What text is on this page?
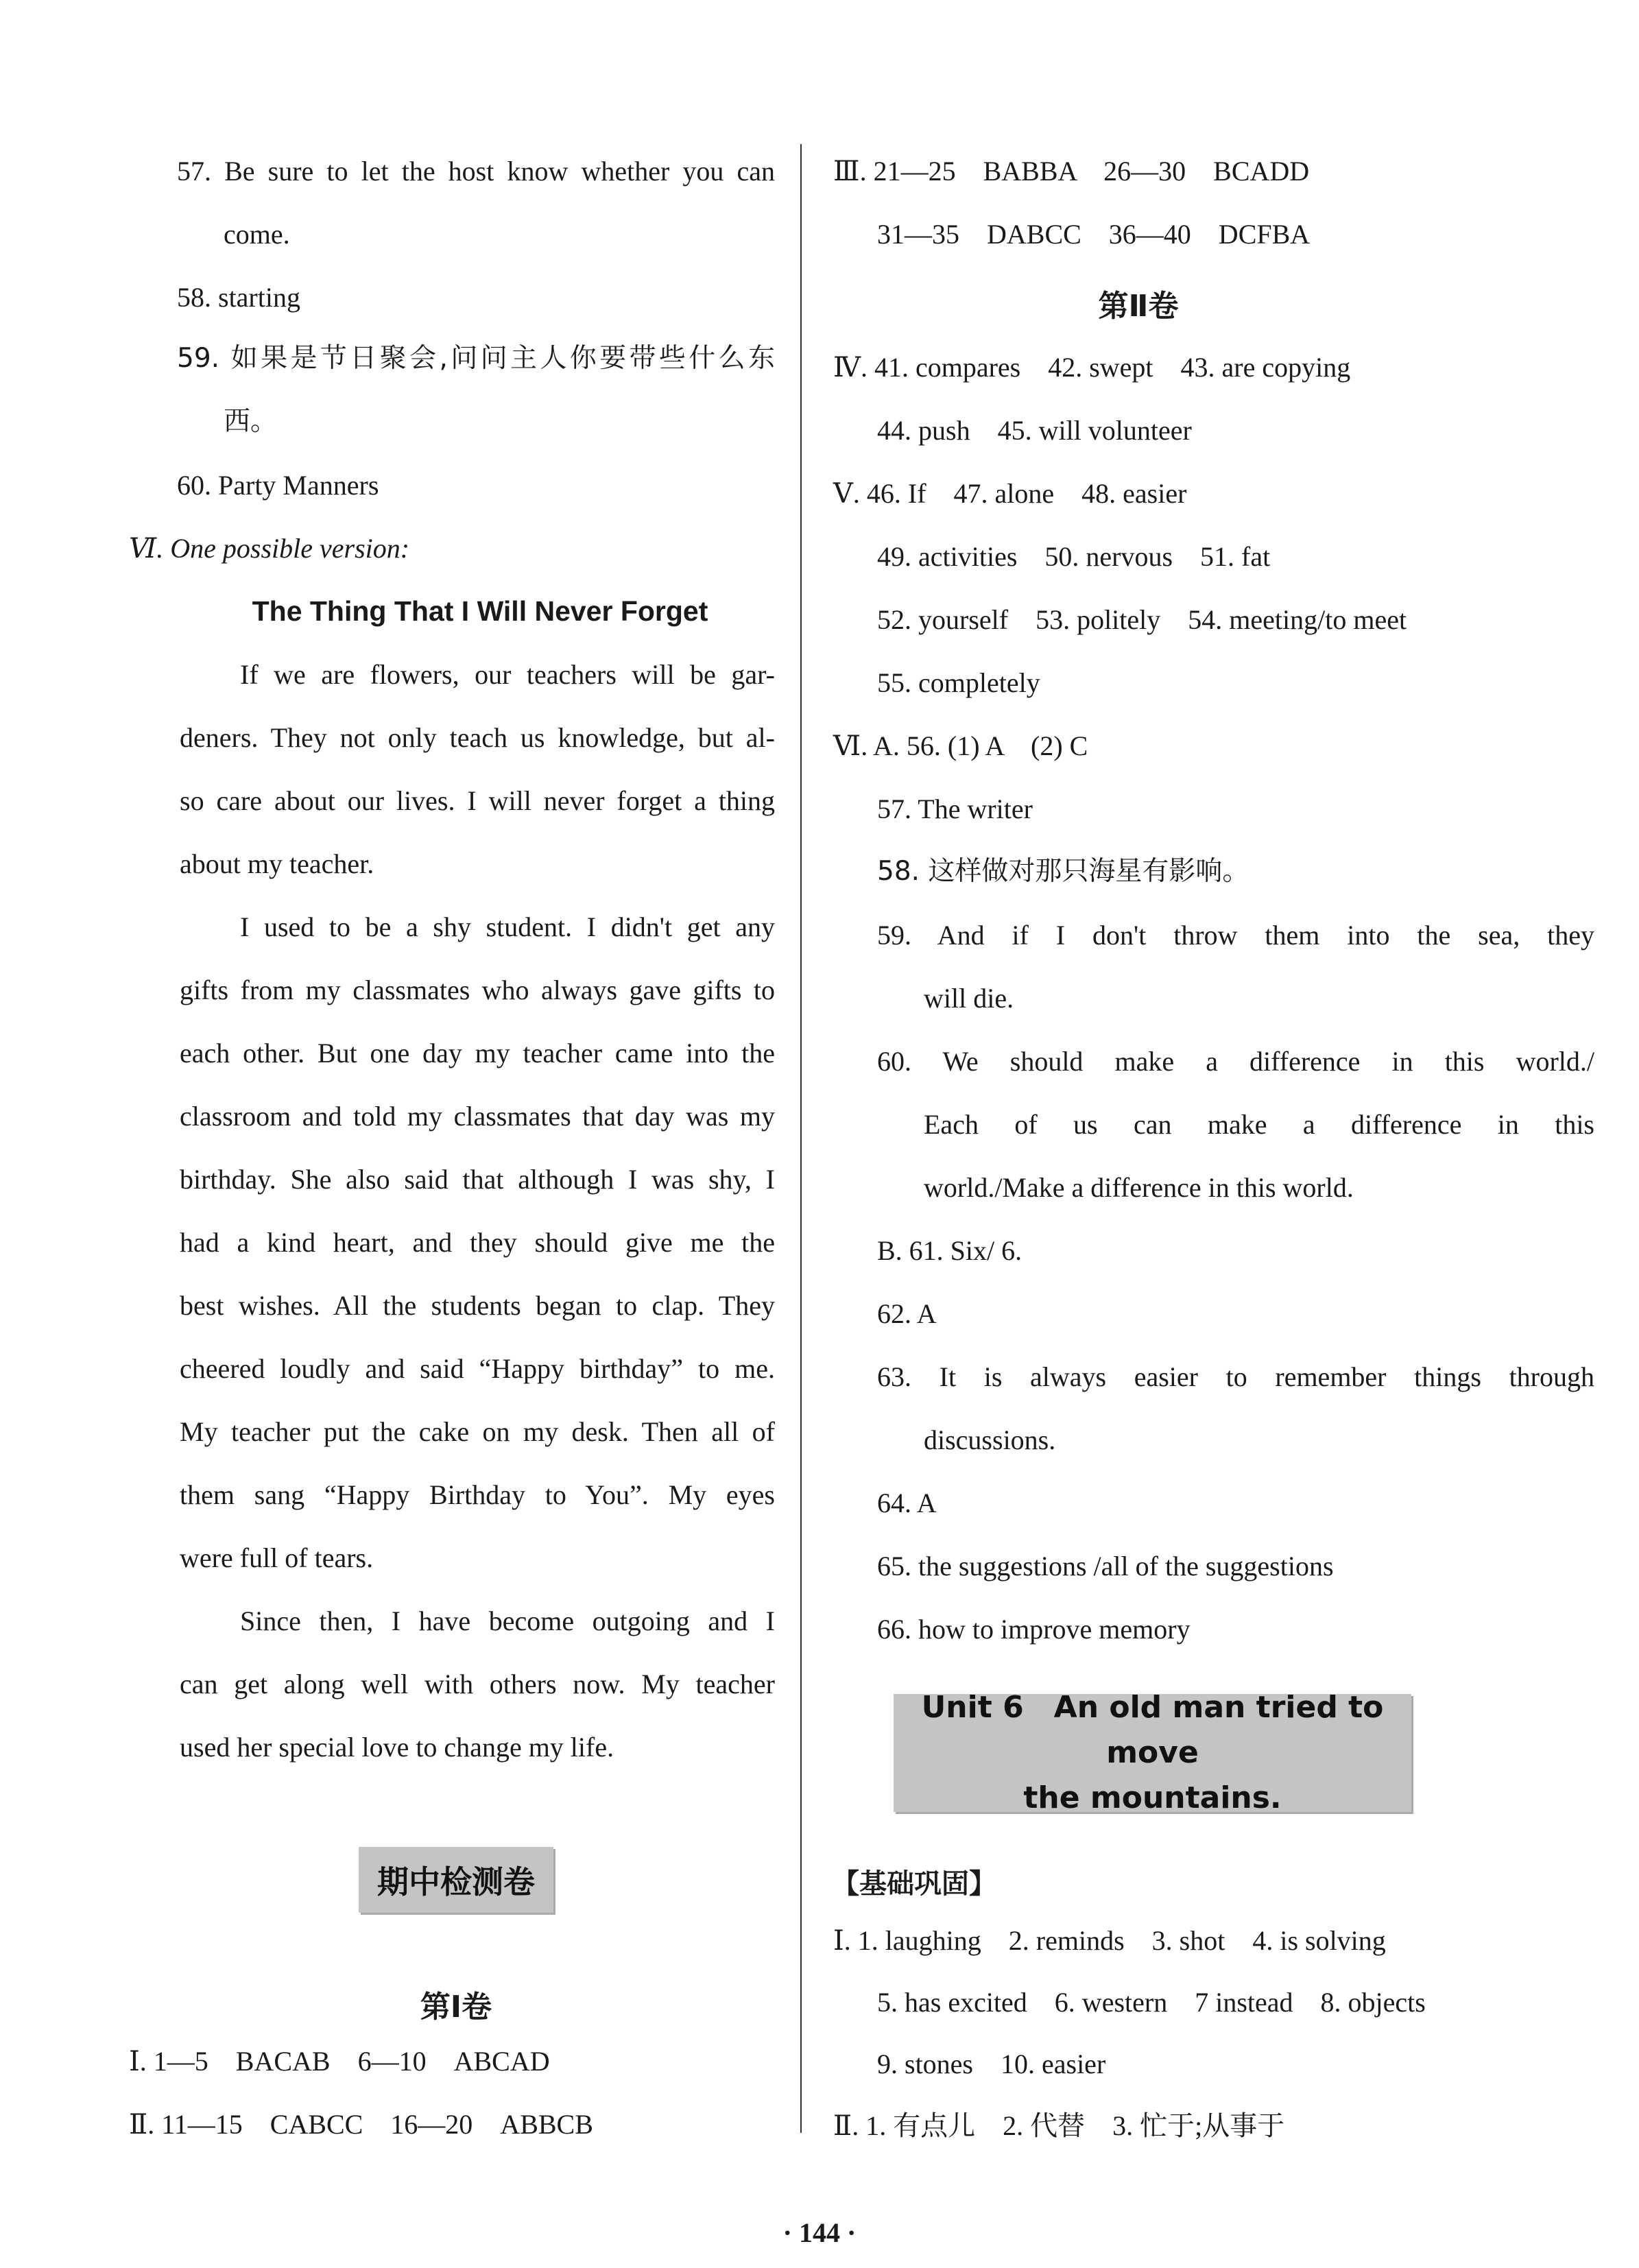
57. Be sure to let the host know whether you can
come.
58. starting
59. 如果是节日聚会,问问主人你要带些什么东
西。
60. Party Manners
Ⅵ. One possible version:
The Thing That I Will Never Forget
If we are flowers, our teachers will be gar-
deners. They not only teach us knowledge, but al-
so care about our lives. I will never forget a thing
about my teacher.
I used to be a shy student. I didn't get any
gifts from my classmates who always gave gifts to
each other. But one day my teacher came into the
classroom and told my classmates that day was my
birthday. She also said that although I was shy, I
had a kind heart, and they should give me the
best wishes. All the students began to clap. They
cheered loudly and said “Happy birthday” to me.
My teacher put the cake on my desk. Then all of
them sang “Happy Birthday to You”. My eyes
were full of tears.
Since then, I have become outgoing and I
can get along well with others now. My teacher
used her special love to change my life.
期中检测卷
第Ⅰ卷
Ⅰ. 1—5　BACAB　6—10　ABCAD
Ⅱ. 11—15　CABCC　16—20　ABBCB
Ⅲ. 21—25　BABBA　26—30　BCADD
31—35　DABCC　36—40　DCFBA
第Ⅱ卷
Ⅳ. 41. compares　42. swept　43. are copying
44. push　45. will volunteer
Ⅴ. 46. If　47. alone　48. easier
49. activities　50. nervous　51. fat
52. yourself　53. politely　54. meeting/to meet
55. completely
Ⅵ. A. 56. (1) A　(2) C
57. The writer
58. 这样做对那只海星有影响。
59. And if I don't throw them into the sea, they
will die.
60. We should make a difference in this world./
Each of us can make a difference in this
world./Make a difference in this world.
B. 61. Six/ 6.
62. A
63. It is always easier to remember things through
discussions.
64. A
65. the suggestions /all of the suggestions
66. how to improve memory
Unit 6　An old man tried to move
the mountains.
【基础巩固】
Ⅰ. 1. laughing　2. reminds　3. shot　4. is solving
5. has excited　6. western　7 instead　8. objects
9. stones　10. easier
Ⅱ. 1. 有点儿　2. 代替　3. 忙于;从事于
· 144 ·
